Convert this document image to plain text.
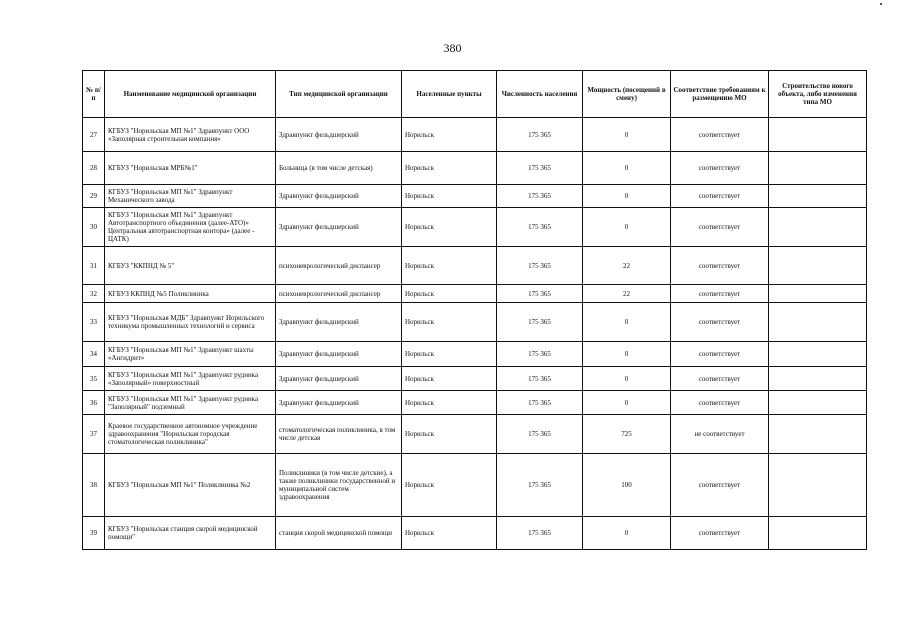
380
№ п/п	Наименование медицинской организации	Тип медицинской организации	Населенные пункты	Численность населения	Мощность (посещений в смену)	Соответствие требованиям к размещению МО	Строительство нового объекта, либо изменения типа МО
27	КГБУЗ "Норильская МП №1" Здравпункт ООО «Заполярная строительная компания»	Здравпункт фельдшерский	Норильск	175 365	0	соответствует	
28	КГБУЗ "Норильская МРБ№1"	Больница (в том числе детская)	Норильск	175 365	0	соответствует	
29	КГБУЗ "Норильская МП №1" Здравпункт Механического завода	Здравпункт фельдшерский	Норильск	175 365	0	соответствует	
30	КГБУЗ "Норильская МП №1" Здравпункт Автотранспортного объединения (далее-АТО)» Центральная автотранспортная контора» (далее - ЦАТК)	Здравпункт фельдшерский	Норильск	175 365	0	соответствует	
31	КГБУЗ "ККПНД № 5"	психоневрологический диспансер	Норильск	175 365	22	соответствует	
32	КГБУЗ ККПНД №5 Поликлиника	психоневрологический диспансер	Норильск	175 365	22	соответствует	
33	КГБУЗ "Норильская МДБ" Здравпункт Норильского техникума промышленных технологий и сервиса	Здравпункт фельдшерский	Норильск	175 365	0	соответствует	
34	КГБУЗ "Норильская МП №1" Здравпункт шахты «Ангидрит»	Здравпункт фельдшерский	Норильск	175 365	0	соответствует	
35	КГБУЗ "Норильская МП №1" Здравпункт рудника «Заполярный» поверхностный	Здравпункт фельдшерский	Норильск	175 365	0	соответствует	
36	КГБУЗ "Норильская МП №1" Здравпункт рудника "Заполярный" подземный	Здравпункт фельдшерский	Норильск	175 365	0	соответствует	
37	Краевое государственное автономное учреждение здравоохранения "Норильская городская стоматологическая поликлиника"	стоматологическая поликлиника, в том числе детская	Норильск	175 365	725	не соответствует	
38	КГБУЗ "Норильская МП №1" Поликлиника №2	Поликлиники (в том числе детские), а также поликлиники государственной и муниципальной систем здравоохранения	Норильск	175 365	100	соответствует	
39	КГБУЗ "Норильская станция скорой медицинской помощи"	станция скорой медицинской помощи	Норильск	175 365	0	соответствует	
